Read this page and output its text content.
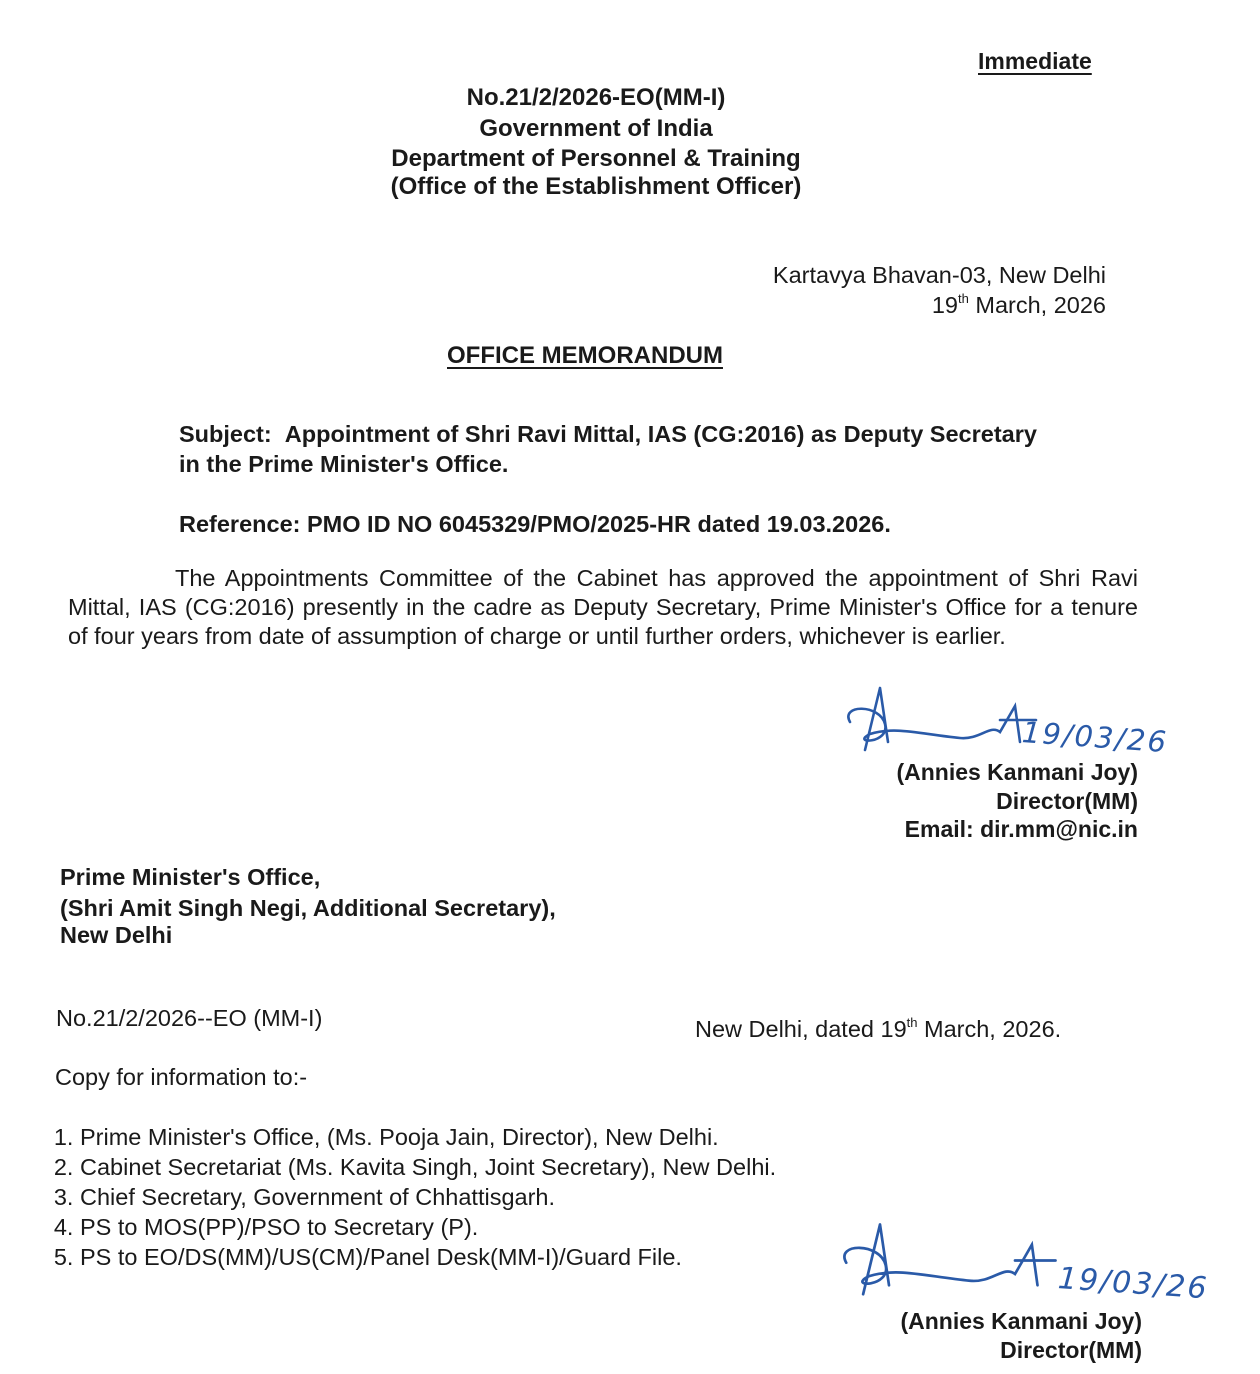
Immediate
No.21/2/2026-EO(MM-I)
Government of India
Department of Personnel & Training
(Office of the Establishment Officer)
Kartavya Bhavan-03, New Delhi
19th March, 2026
OFFICE MEMORANDUM
Subject: Appointment of Shri Ravi Mittal, IAS (CG:2016) as Deputy Secretary
in the Prime Minister's Office.
Reference: PMO ID NO 6045329/PMO/2025-HR dated 19.03.2026.
The Appointments Committee of the Cabinet has approved the appointment of Shri Ravi Mittal, IAS (CG:2016) presently in the cadre as Deputy Secretary, Prime Minister's Office for a tenure of four years from date of assumption of charge or until further orders, whichever is earlier.
19/03/26
(Annies Kanmani Joy)
Director(MM)
Email: dir.mm@nic.in
Prime Minister's Office,
(Shri Amit Singh Negi, Additional Secretary),
New Delhi
No.21/2/2026--EO (MM-I)	New Delhi, dated 19th March, 2026.
Copy for information to:-
1. Prime Minister's Office, (Ms. Pooja Jain, Director), New Delhi.
2. Cabinet Secretariat (Ms. Kavita Singh, Joint Secretary), New Delhi.
3. Chief Secretary, Government of Chhattisgarh.
4. PS to MOS(PP)/PSO to Secretary (P).
5. PS to EO/DS(MM)/US(CM)/Panel Desk(MM-I)/Guard File.
19/03/26
(Annies Kanmani Joy)
Director(MM)
